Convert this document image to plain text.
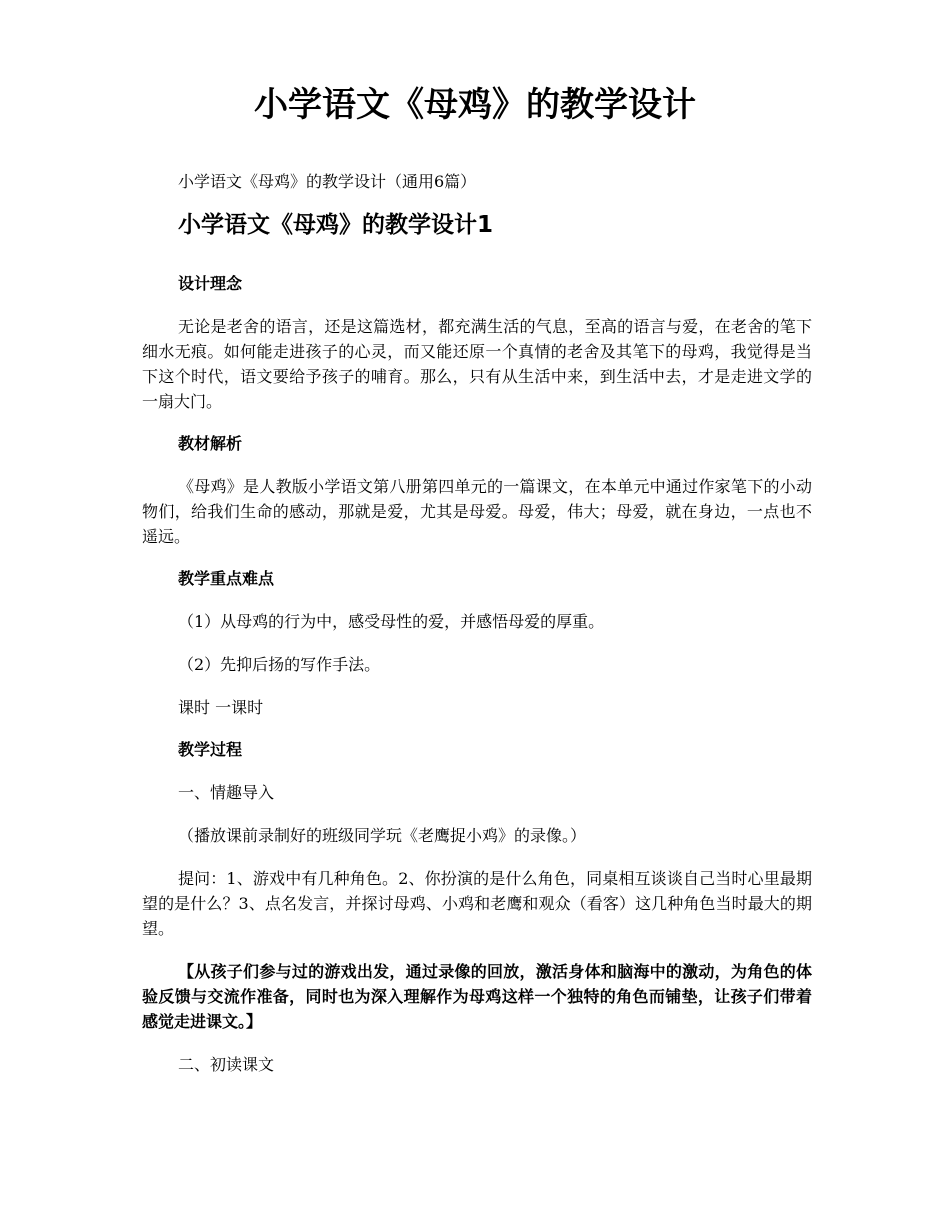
小学语文《母鸡》的教学设计

小学语文《母鸡》的教学设计（通用6篇）

小学语文《母鸡》的教学设计1
设计理念

无论是老舍的语言，还是这篇选材，都充满生活的气息，至高的语言与爱，在老舍的笔下细水无痕。如何能走进孩子的心灵，而又能还原一个真情的老舍及其笔下的母鸡，我觉得是当下这个时代，语文要给予孩子的哺育。那么，只有从生活中来，到生活中去，才是走进文学的一扇大门。

教材解析

《母鸡》是人教版小学语文第八册第四单元的一篇课文，在本单元中通过作家笔下的小动物们，给我们生命的感动，那就是爱，尤其是母爱。母爱，伟大；母爱，就在身边，一点也不遥远。

教学重点难点

（1）从母鸡的行为中，感受母性的爱，并感悟母爱的厚重。

（2）先抑后扬的写作手法。

课时 一课时

教学过程

一、情趣导入

（播放课前录制好的班级同学玩《老鹰捉小鸡》的录像。）

提问：1、游戏中有几种角色。2、你扮演的是什么角色，同桌相互谈谈自己当时心里最期望的是什么？3、点名发言，并探讨母鸡、小鸡和老鹰和观众（看客）这几种角色当时最大的期望。

【从孩子们参与过的游戏出发，通过录像的回放，激活身体和脑海中的激动，为角色的体验反馈与交流作准备，同时也为深入理解作为母鸡这样一个独特的角色而铺垫，让孩子们带着感觉走进课文。】

二、初读课文
